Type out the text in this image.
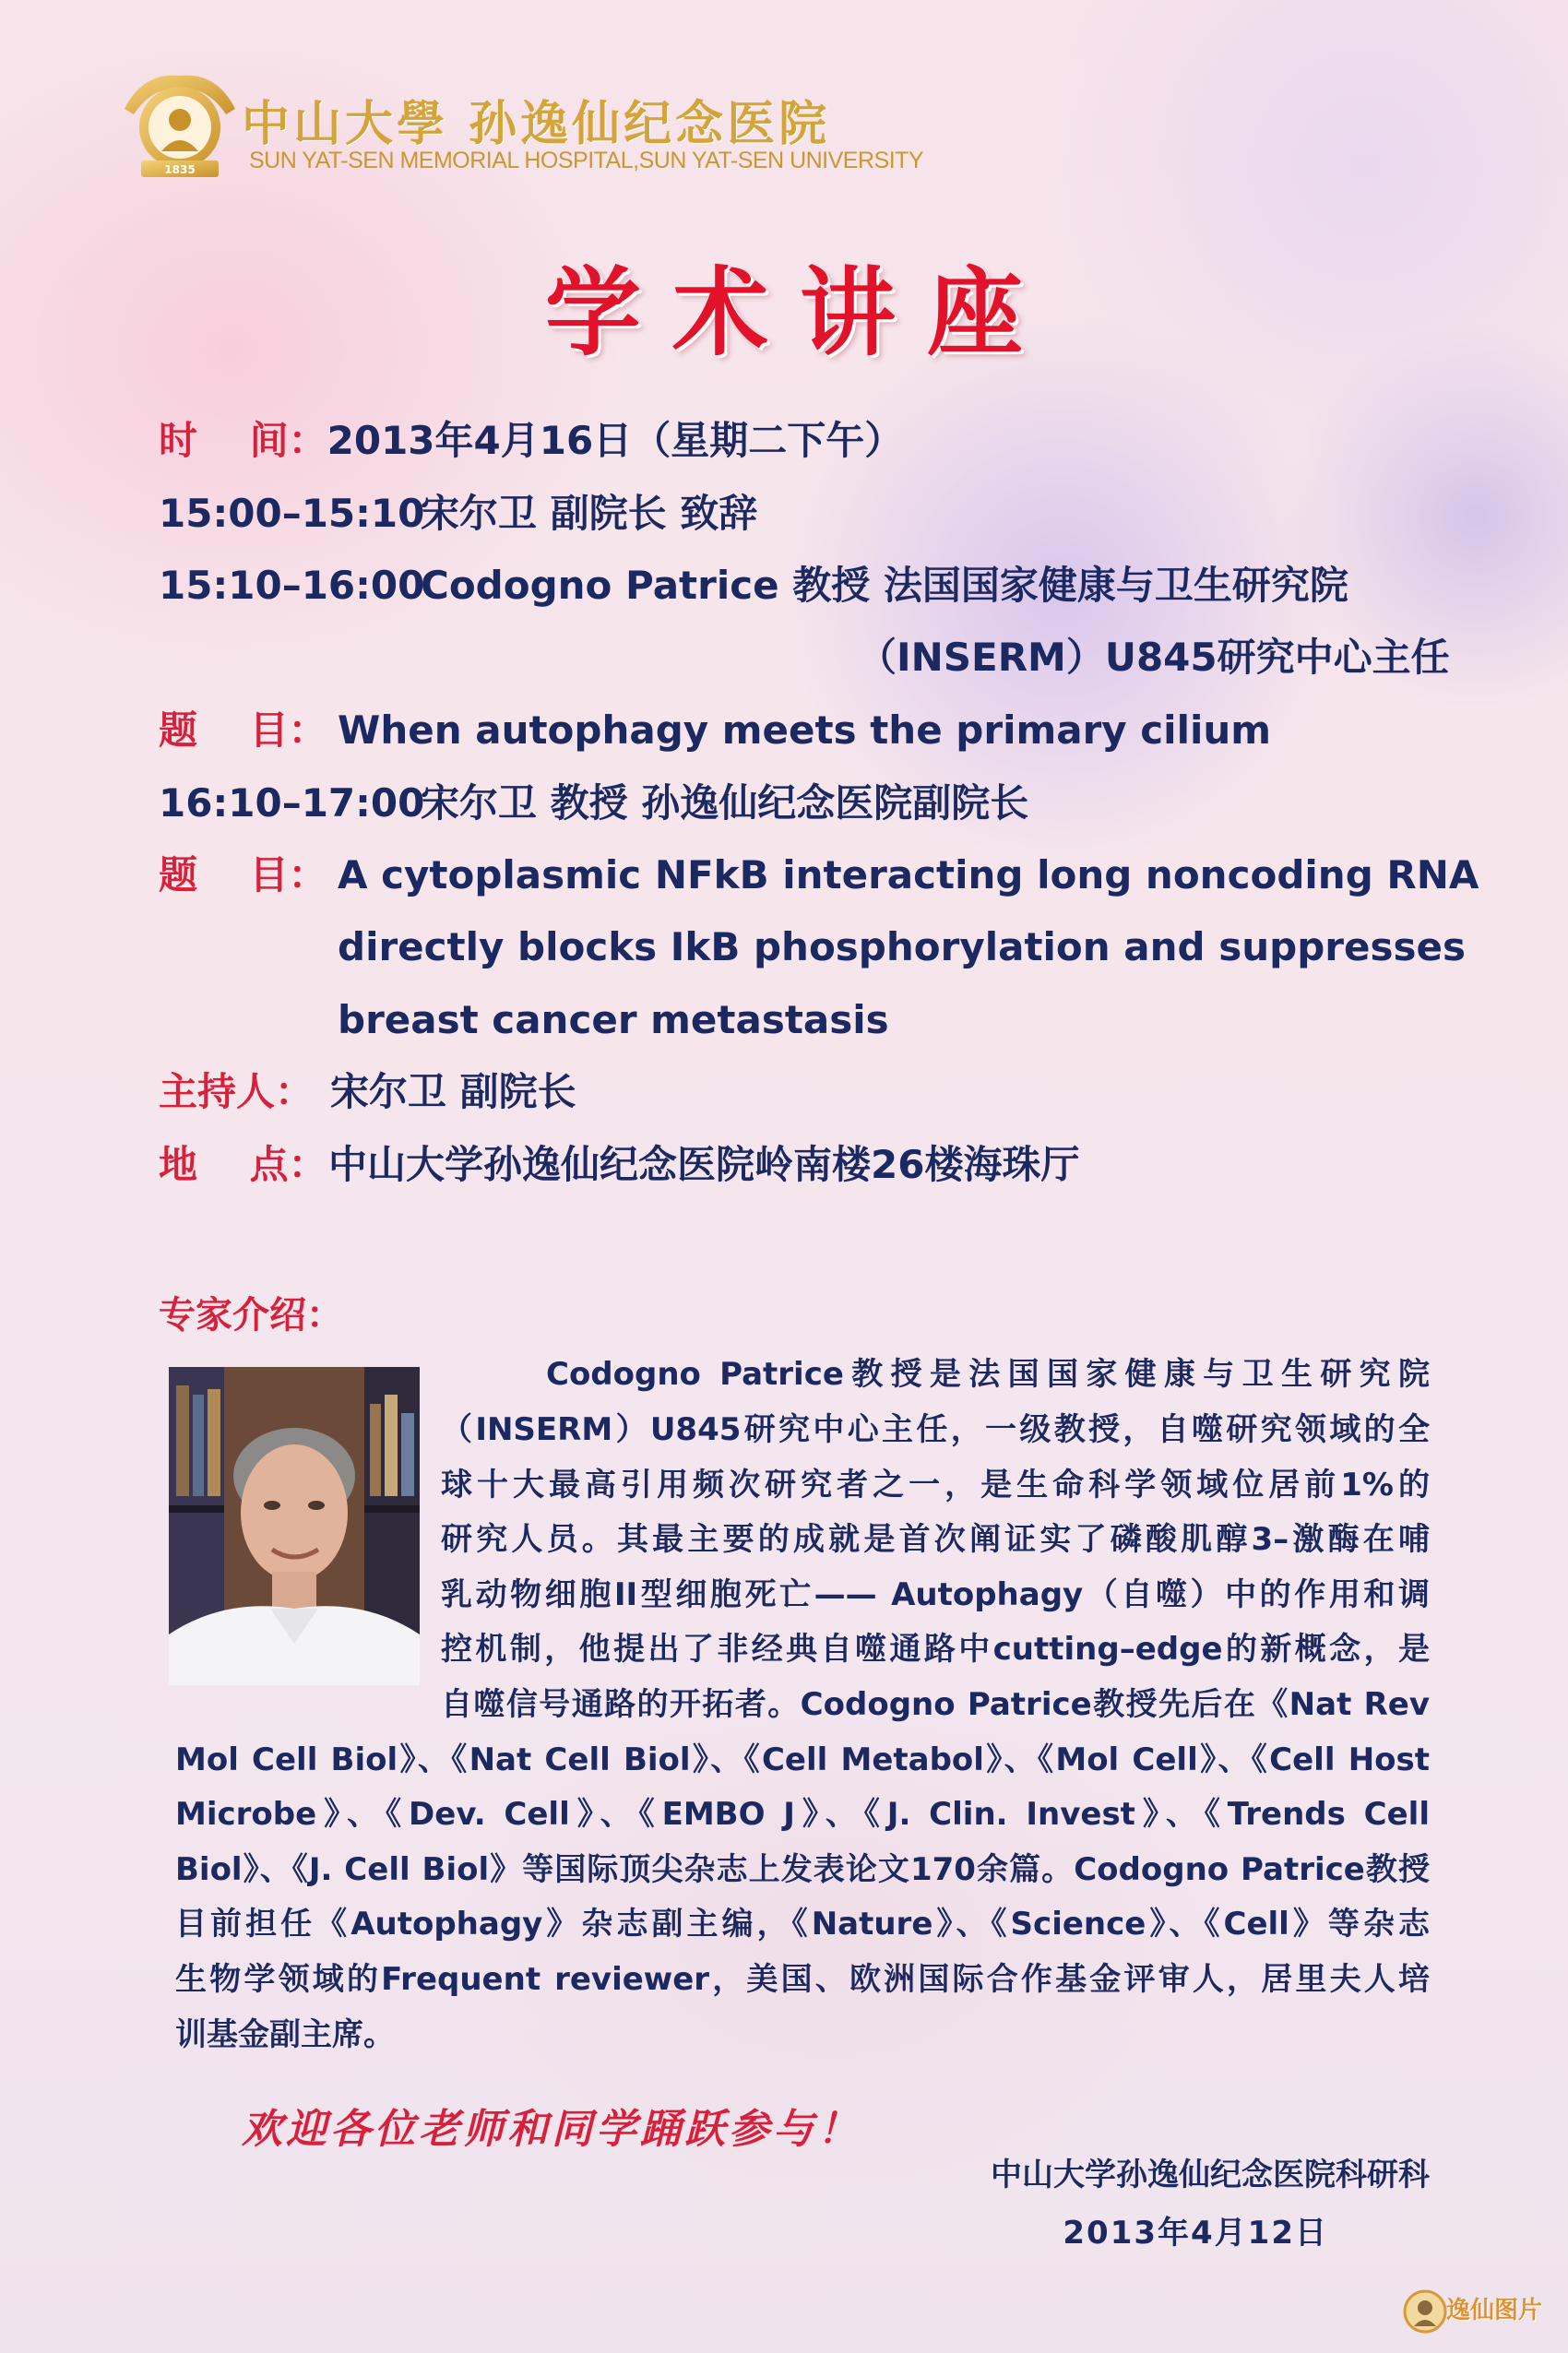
1835
中山大學 孙逸仙纪念医院
SUN YAT-SEN MEMORIAL HOSPITAL,SUN YAT-SEN UNIVERSITY
学术讲座
时　 间：2013年4月16日（星期二下午）
15:00–15:10宋尔卫 副院长 致辞
15:10–16:00Codogno Patrice 教授 法国国家健康与卫生研究院
（INSERM）U845研究中心主任
题　 目： When autophagy meets the primary cilium
16:10–17:00宋尔卫 教授 孙逸仙纪念医院副院长
题　 目： A cytoplasmic NFkB interacting long noncoding RNA
directly blocks IkB phosphorylation and suppresses
breast cancer metastasis
主持人： 宋尔卫 副院长
地　 点：中山大学孙逸仙纪念医院岭南楼26楼海珠厅
专家介绍：
Codogno Patrice教授是法国国家健康与卫生研究院
（INSERM）U845研究中心主任，一级教授，自噬研究领域的全
球十大最高引用频次研究者之一，是生命科学领域位居前1%的
研究人员。其最主要的成就是首次阐证实了磷酸肌醇3–激酶在哺
乳动物细胞II型细胞死亡—— Autophagy（自噬）中的作用和调
控机制，他提出了非经典自噬通路中cutting–edge的新概念，是
自噬信号通路的开拓者。Codogno Patrice教授先后在《Nat Rev
Mol Cell Biol》、《Nat Cell Biol》、《Cell Metabol》、《Mol Cell》、《Cell Host
Microbe》、《Dev. Cell》、《EMBO J》、《J. Clin. Invest》、《Trends Cell
Biol》、《J. Cell Biol》等国际顶尖杂志上发表论文170余篇。Codogno Patrice教授
目前担任《Autophagy》杂志副主编，《Nature》、《Science》、《Cell》等杂志
生物学领域的Frequent reviewer，美国、欧洲国际合作基金评审人，居里夫人培
训基金副主席。
欢迎各位老师和同学踊跃参与！
中山大学孙逸仙纪念医院科研科
2013年4月12日
逸仙图片
